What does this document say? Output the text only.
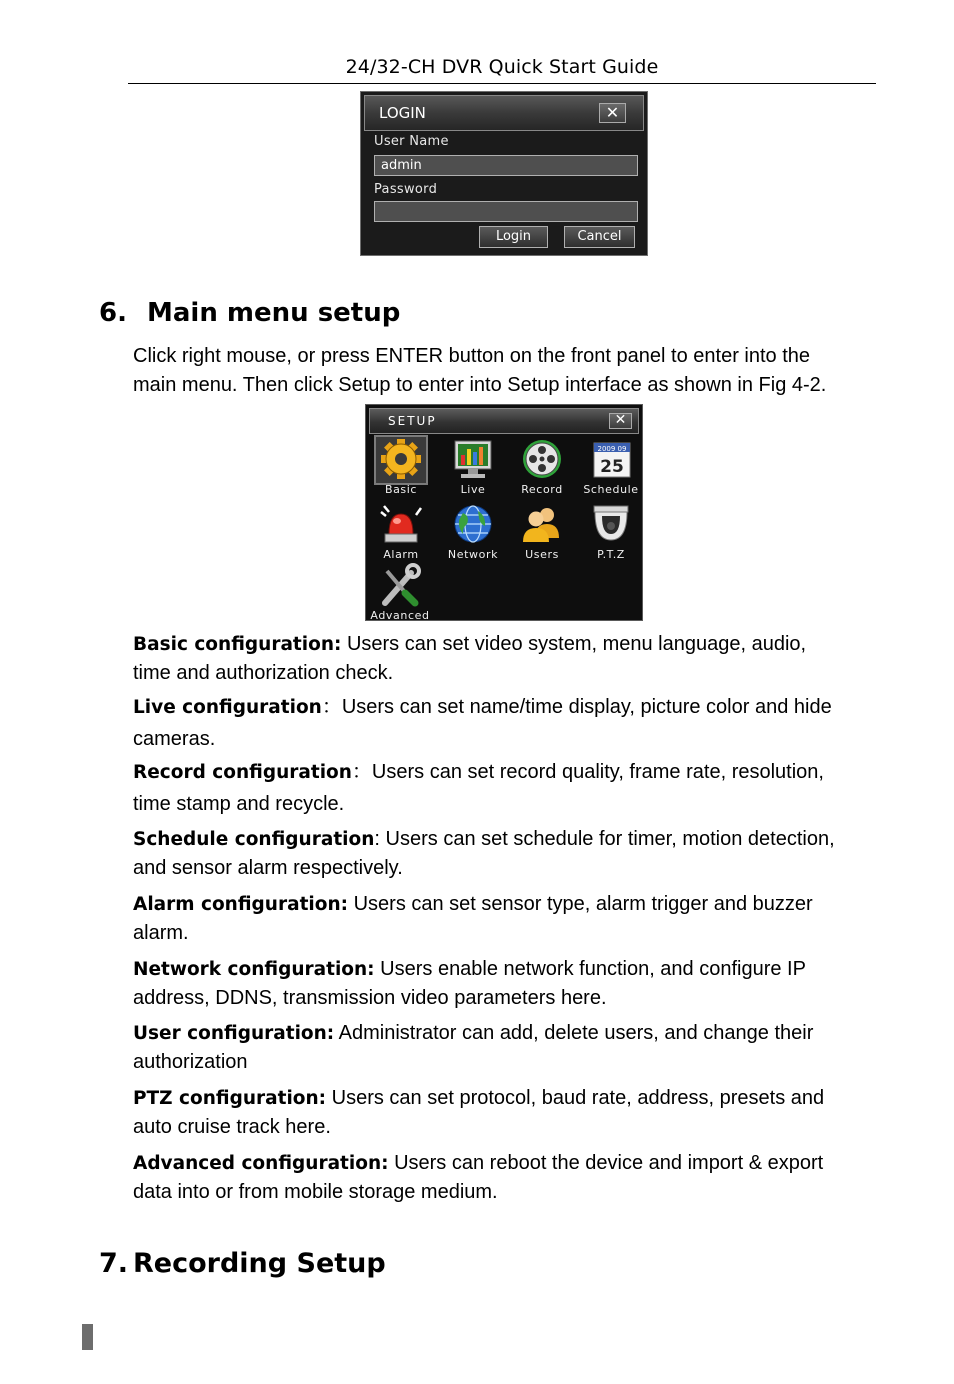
24/32-CH DVR Quick Start Guide
LOGIN	✕
User Name
admin
Password
Login	Cancel
6. Main menu setup
Click right mouse, or press ENTER button on the front panel to enter into the
main menu. Then click Setup to enter into Setup interface as shown in Fig 4-2.
SETUP	✕
Basic	Live	Record
2009 09
25
Schedule
Alarm	Network	Users	P.T.Z
Advanced
Basic configuration: Users can set video system, menu language, audio,
time and authorization check.
Live configuration：Users can set name/time display, picture color and hide
cameras.
Record configuration：Users can set record quality, frame rate, resolution,
time stamp and recycle.
Schedule configuration: Users can set schedule for timer, motion detection,
and sensor alarm respectively.
Alarm configuration: Users can set sensor type, alarm trigger and buzzer
alarm.
Network configuration: Users enable network function, and configure IP
address, DDNS, transmission video parameters here.
User configuration: Administrator can add, delete users, and change their
authorization
PTZ configuration: Users can set protocol, baud rate, address, presets and
auto cruise track here.
Advanced configuration: Users can reboot the device and import & export
data into or from mobile storage medium.
7. Recording Setup
